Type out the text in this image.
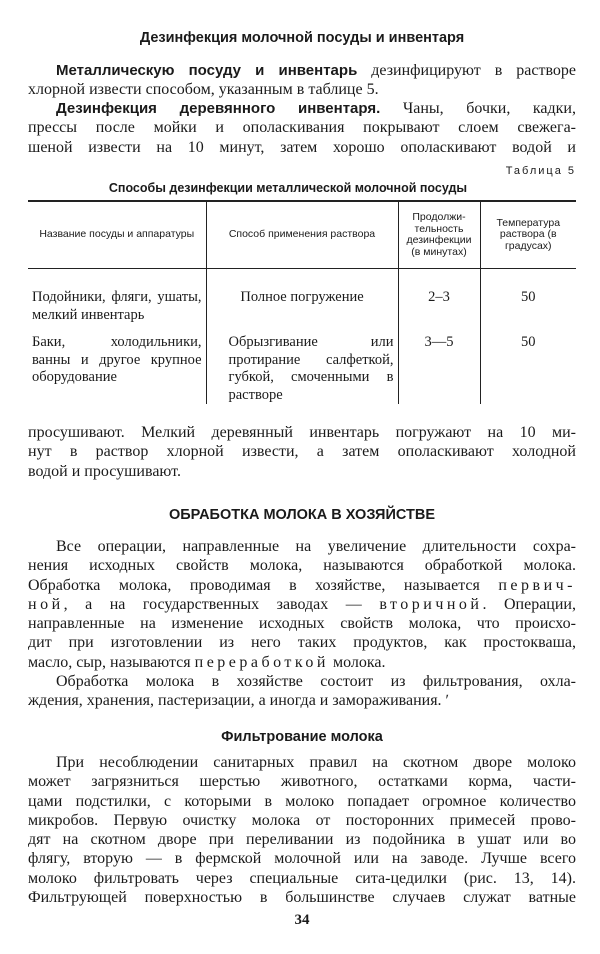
Дезинфекция молочной посуды и инвентаря
Металлическую посуду и инвентарь дезинфицируют в растворе
хлорной извести способом, указанным в таблице 5.
Дезинфекция деревянного инвентаря. Чаны, бочки, кадки,
прессы после мойки и ополаскивания покрывают слоем свежега-
шеной извести на 10 минут, затем хорошо ополаскивают водой и
Таблица 5
Способы дезинфекции металлической молочной посуды
Название посуды и аппаратуры	Способ применения раствора	Продолжи-тельность дезинфекции (в минутах)	Температура раствора (в градусах)
Подойники, фляги, ушаты, мелкий инвентарь	Полное погружение	2–3	50
Баки, холодильники, ванны и другое крупное оборудование	Обрызгивание или протирание салфеткой, губкой, смоченными в растворе	3—5	50
просушивают. Мелкий деревянный инвентарь погружают на 10 ми-
нут в раствор хлорной извести, а затем ополаскивают холодной
водой и просушивают.
ОБРАБОТКА МОЛОКА В ХОЗЯЙСТВЕ
Все операции, направленные на увеличение длительности сохра-
нения исходных свойств молока, называются обработкой молока.
Обработка молока, проводимая в хозяйстве, называется первич-
ной, а на государственных заводах — вторичной. Операции,
направленные на изменение исходных свойств молока, что происхо-
дит при изготовлении из него таких продуктов, как простокваша,
масло, сыр, называются переработкой молока.
Обработка молока в хозяйстве состоит из фильтрования, охла-
ждения, хранения, пастеризации, а иногда и замораживания. ʹ
Фильтрование молока
При несоблюдении санитарных правил на скотном дворе молоко
может загрязниться шерстью животного, остатками корма, части-
цами подстилки, с которыми в молоко попадает огромное количество
микробов. Первую очистку молока от посторонних примесей прово-
дят на скотном дворе при переливании из подойника в ушат или во
флягу, вторую — в фермской молочной или на заводе. Лучше всего
молоко фильтровать через специальные сита-цедилки (рис. 13, 14).
Фильтрующей поверхностью в большинстве случаев служат ватные
34
